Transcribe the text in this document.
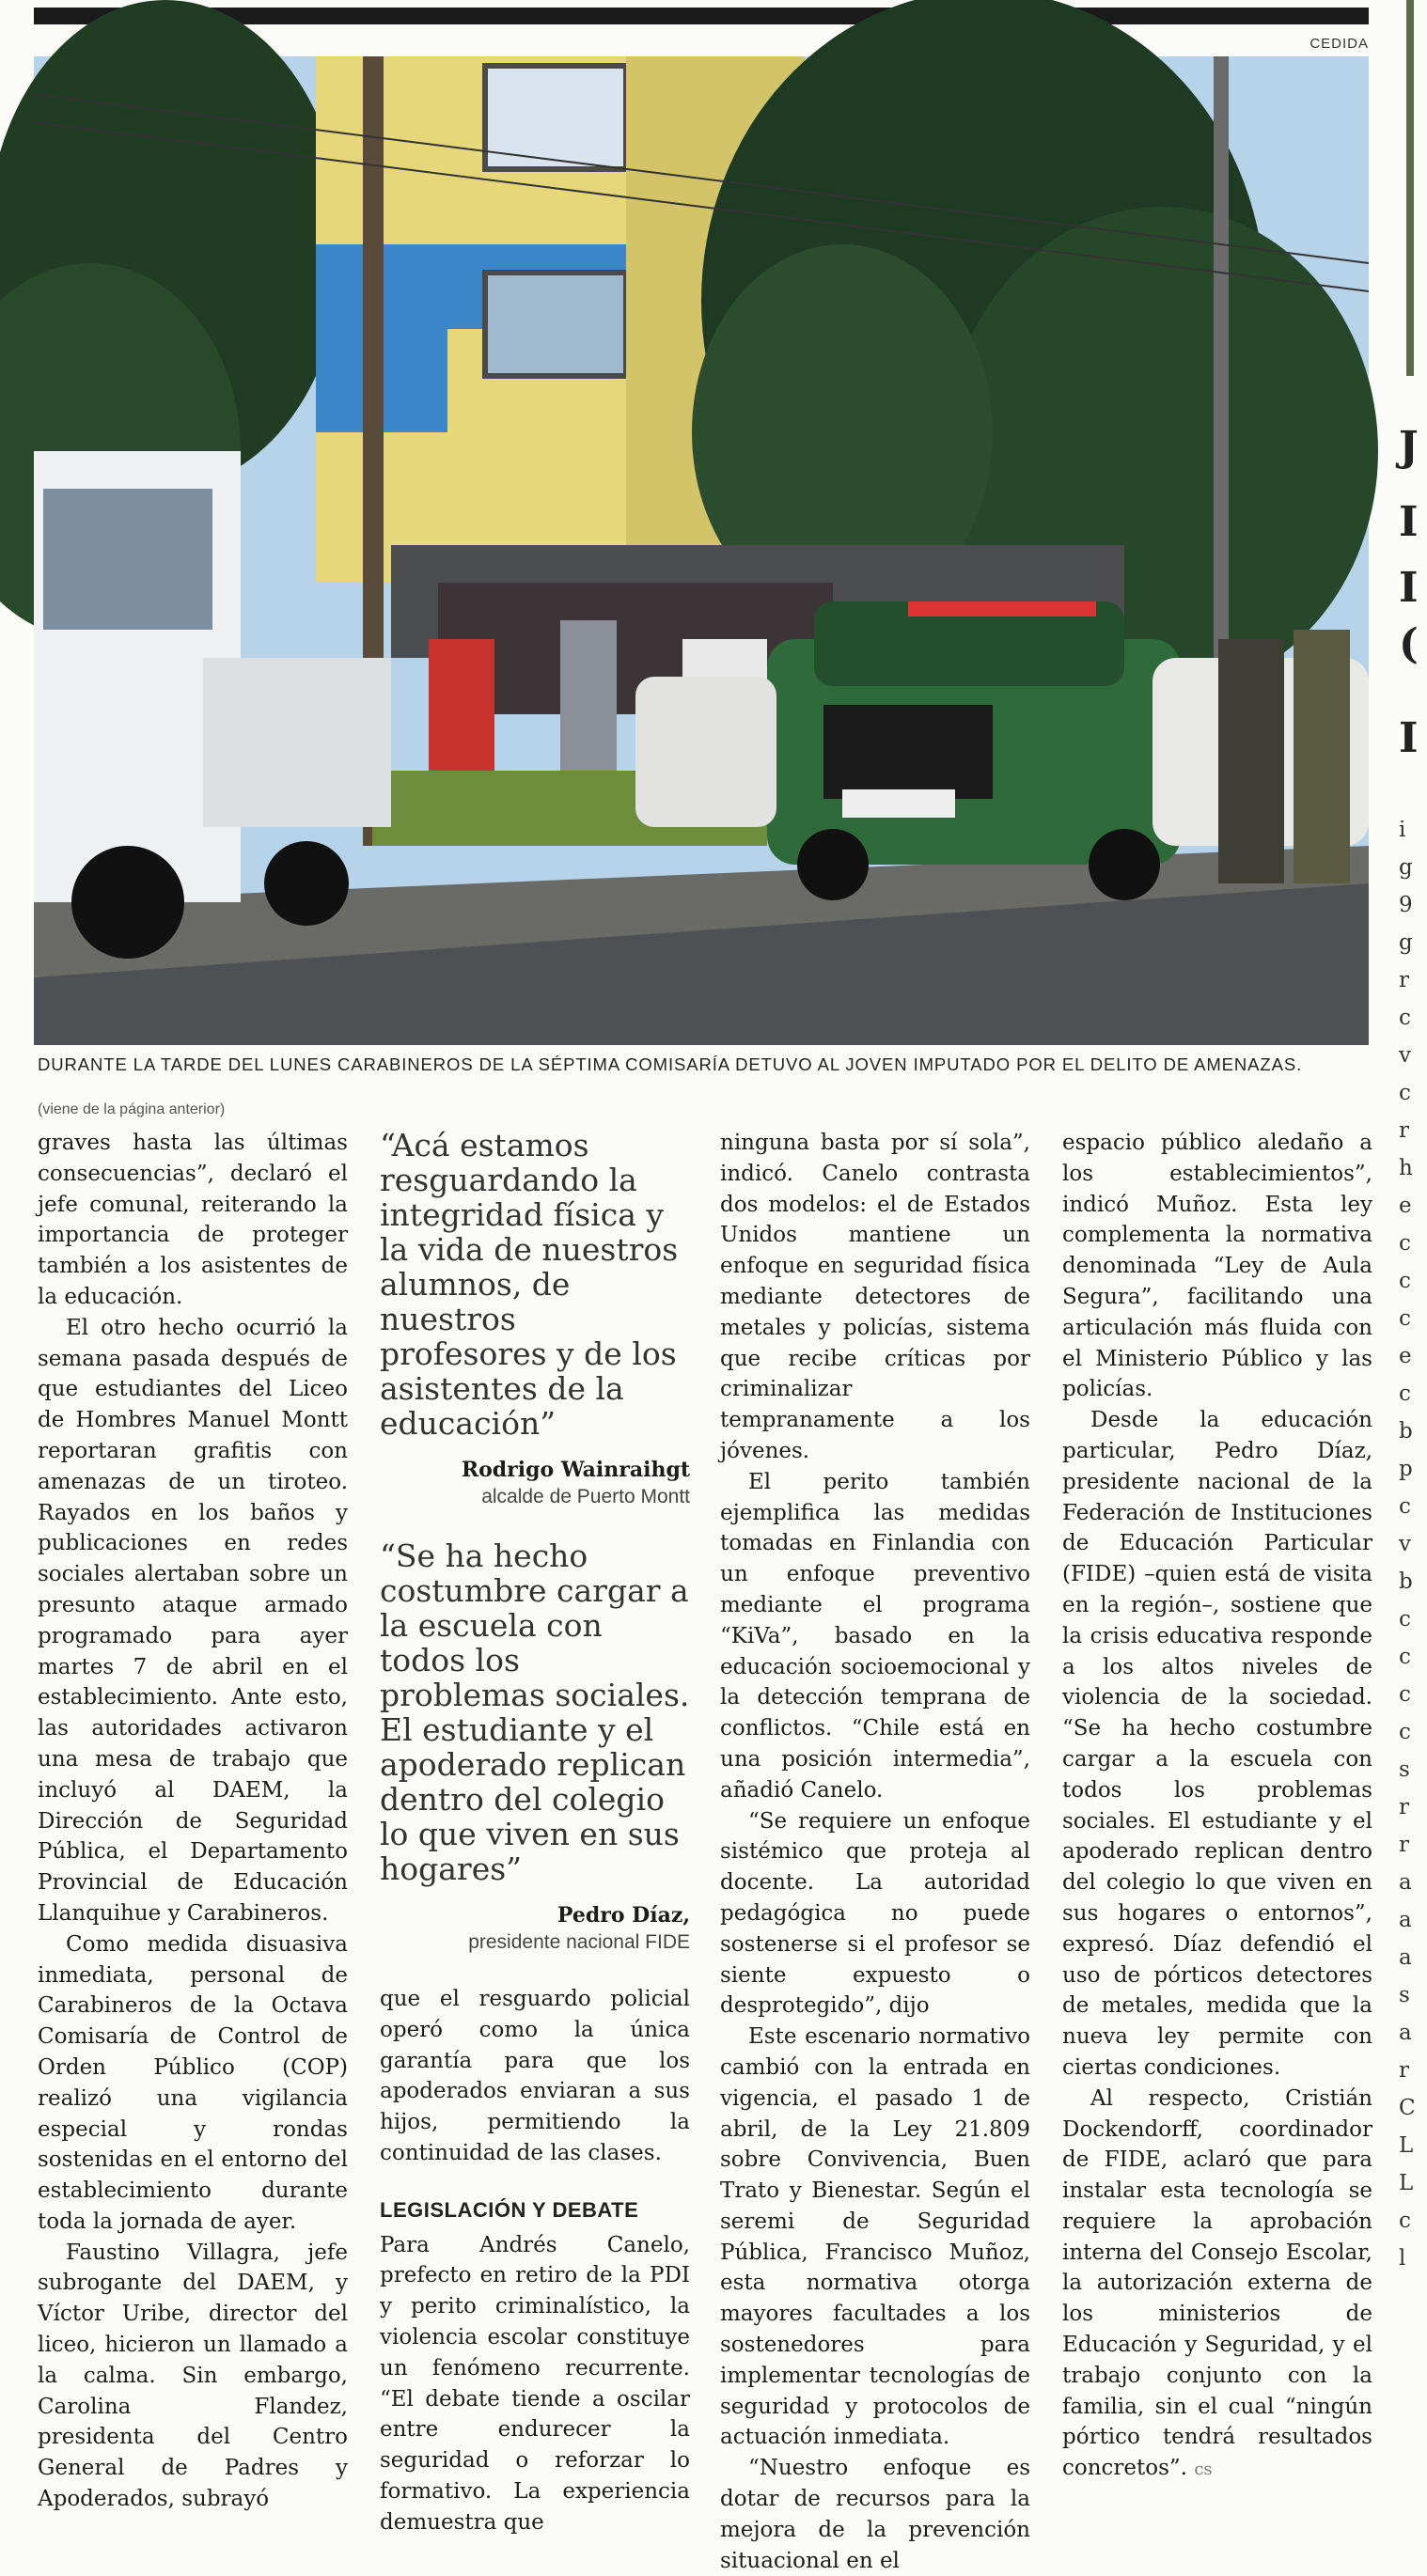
CEDIDA
DURANTE LA TARDE DEL LUNES CARABINEROS DE LA SÉPTIMA COMISARÍA DETUVO AL JOVEN IMPUTADO POR EL DELITO DE AMENAZAS.
(viene de la página anterior)

graves hasta las últimas consecuencias”, declaró el jefe comunal, reiterando la importancia de proteger también a los asistentes de la educación.

El otro hecho ocurrió la semana pasada después de que estudiantes del Liceo de Hombres Manuel Montt reportaran grafitis con amenazas de un tiroteo. Rayados en los baños y publicaciones en redes sociales alertaban sobre un presunto ataque armado programado para ayer martes 7 de abril en el establecimiento. Ante esto, las autoridades activaron una mesa de trabajo que incluyó al DAEM, la Dirección de Seguridad Pública, el Departamento Provincial de Educación Llanquihue y Carabineros.

Como medida disuasiva inmediata, personal de Carabineros de la Octava Comisaría de Control de Orden Público (COP) realizó una vigilancia especial y rondas sostenidas en el entorno del establecimiento durante toda la jornada de ayer.

Faustino Villagra, jefe subrogante del DAEM, y Víctor Uribe, director del liceo, hicieron un llamado a la calma. Sin embargo, Carolina Flandez, presidenta del Centro General de Padres y Apoderados, subrayó

“Acá estamos resguardando la integridad física y la vida de nuestros alumnos, de nuestros profesores y de los asistentes de la educación”

Rodrigo Wainraihgt
alcalde de Puerto Montt

“Se ha hecho costumbre cargar a la escuela con todos los problemas sociales. El estudiante y el apoderado replican dentro del colegio lo que viven en sus hogares”

Pedro Díaz,
presidente nacional FIDE

que el resguardo policial operó como la única garantía para que los apoderados enviaran a sus hijos, permitiendo la continuidad de las clases.

LEGISLACIÓN Y DEBATE

Para Andrés Canelo, prefecto en retiro de la PDI y perito criminalístico, la violencia escolar constituye un fenómeno recurrente. “El debate tiende a oscilar entre endurecer la seguridad o reforzar lo formativo. La experiencia demuestra que

ninguna basta por sí sola”, indicó. Canelo contrasta dos modelos: el de Estados Unidos mantiene un enfoque en seguridad física mediante detectores de metales y policías, sistema que recibe críticas por criminalizar tempranamente a los jóvenes.

El perito también ejemplifica las medidas tomadas en Finlandia con un enfoque preventivo mediante el programa “KiVa”, basado en la educación socioemocional y la detección temprana de conflictos. “Chile está en una posición intermedia”, añadió Canelo.

“Se requiere un enfoque sistémico que proteja al docente. La autoridad pedagógica no puede sostenerse si el profesor se siente expuesto o desprotegido”, dijo

Este escenario normativo cambió con la entrada en vigencia, el pasado 1 de abril, de la Ley 21.809 sobre Convivencia, Buen Trato y Bienestar. Según el seremi de Seguridad Pública, Francisco Muñoz, esta normativa otorga mayores facultades a los sostenedores para implementar tecnologías de seguridad y protocolos de actuación inmediata.

“Nuestro enfoque es dotar de recursos para la mejora de la prevención situacional en el

espacio público aledaño a los establecimientos”, indicó Muñoz. Esta ley complementa la normativa denominada “Ley de Aula Segura”, facilitando una articulación más fluida con el Ministerio Público y las policías.

Desde la educación particular, Pedro Díaz, presidente nacional de la Federación de Instituciones de Educación Particular (FIDE) –quien está de visita en la región–, sostiene que la crisis educativa responde a los altos niveles de violencia de la sociedad. “Se ha hecho costumbre cargar a la escuela con todos los problemas sociales. El estudiante y el apoderado replican dentro del colegio lo que viven en sus hogares o entornos”, expresó. Díaz defendió el uso de pórticos detectores de metales, medida que la nueva ley permite con ciertas condiciones.

Al respecto, Cristián Dockendorff, coordinador de FIDE, aclaró que para instalar esta tecnología se requiere la aprobación interna del Consejo Escolar, la autorización externa de los ministerios de Educación y Seguridad, y el trabajo conjunto con la familia, sin el cual “ningún pórtico tendrá resultados concretos”. cs

J
I
I
(
I
i
g
9
g
r
c
v
c
r
h
e
c
c
c
e
c
b
p
c
v
b
c
c
c
c
s
r
r
a
a
a
s
a
r
C
L
L
c
l
